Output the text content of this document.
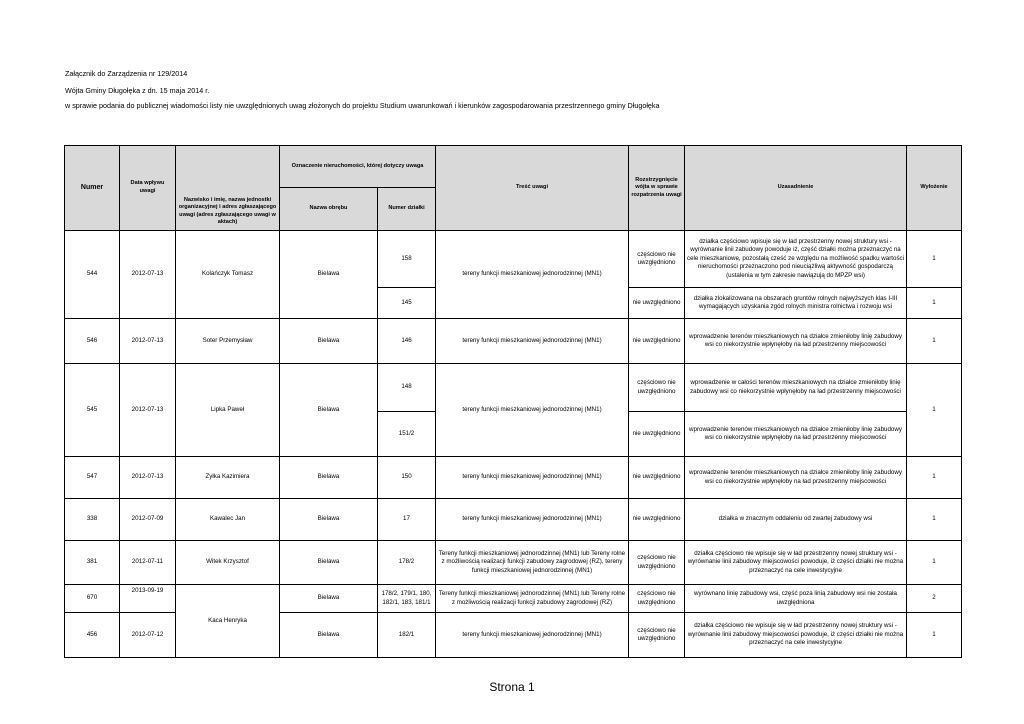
Załącznik do Zarządzenia nr 129/2014
Wójta Gminy Długołęka z dn. 15 maja 2014 r.
w sprawie podania do publicznej wiadomości listy nie uwzględnionych uwag złożonych do projektu Studium uwarunkowań i kierunków zagospodarowania przestrzennego gminy Długołęka
Numer	Data wpływu uwagi	Nazwisko i imię, nazwa jednostki organizacyjnej i adres zgłaszającego uwagi (adres zgłaszającego uwagi w aktach)	Oznaczenie nieruchomości, której dotyczy uwaga		Treść uwagi	Rozstrzygnięcie wójta w sprawie rozpatrzenia uwagi	Uzasadnienie	Wyłożenie
			Nazwa obrębu	Numer działki				
544	2012-07-13	Kolańczyk Tomasz	Bielawa	158	tereny funkcji mieszkaniowej jednorodzinnej (MN1)	częściowo nie uwzględniono	działka częściowo wpisuje się w ład przestrzenny nowej struktury wsi - wyrównanie linii zabudowy powoduje iż, część działki można przeznaczyć na cele mieszkaniowe, pozostałą cześć ze względu na możliwość spadku wartości nieruchomości przeznaczono pod nieuciążliwą aktywność gospodarczą (ustalenia w tym zakresie nawiązują do MPZP wsi)	1
				145		nie uwzględniono	działka zlokalizowana na obszarach gruntów rolnych najwyższych klas I-III wymagających uzyskania zgód rolnych ministra rolnictwa i rozwoju wsi	1
546	2012-07-13	Soter Przemysław	Bielawa	146	tereny funkcji mieszkaniowej jednorodzinnej (MN1)	nie uwzględniono	wprowadzenie terenów mieszkaniowych na działce zmieniłoby linię zabudowy wsi co niekorzystnie wpłynęłoby na ład przestrzenny miejscowości	1
545	2012-07-13	Lipka Paweł	Bielawa	148	tereny funkcji mieszkaniowej jednorodzinnej (MN1)	częściowo nie uwzględniono	wprowadzenie w całości terenów mieszkaniowych na działce zmieniłoby linię zabudowy wsi co niekorzystnie wpłynęłoby na ład przestrzenny miejscowości	1
				151/2		nie uwzględniono	wprowadzenie terenów mieszkaniowych na działce zmieniłoby linię zabudowy wsi co niekorzystnie wpłynęłoby na ład przestrzenny miejscowości	
547	2012-07-13	Zyłka Kazimiera	Bielawa	150	tereny funkcji mieszkaniowej jednorodzinnej (MN1)	nie uwzględniono	wprowadzenie terenów mieszkaniowych na działce zmieniłoby linię zabudowy wsi co niekorzystnie wpłynęłoby na ład przestrzenny miejscowości	1
338	2012-07-09	Kawalec Jan	Bielawa	17	tereny funkcji mieszkaniowej jednorodzinnej (MN1)	nie uwzględniono	działka w znacznym oddaleniu od zwartej zabudowy wsi	1
381	2012-07-11	Witek Krzysztof	Bielawa	178/2	Tereny funkcji mieszkaniowej jednorodzinnej (MN1) lub Tereny rolne z możliwością realizacji funkcji zabudowy zagrodowej (RZ), tereny funkcji mieszkaniowej jednorodzinnej (MN1)	częściowo nie uwzględniono	działka częściowo nie wpisuje się w ład przestrzenny nowej struktury wsi - wyrównanie linii zabudowy miejscowości powoduje, iż części działki nie można przeznaczyć na cele inwestycyjne	1
670	2013-09-19	Kaca Henryka	Bielawa	178/2, 179/1, 180, 182/1, 183, 181/1	Tereny funkcji mieszkaniowej jednorodzinnej (MN1) lub Tereny rolne z możliwością realizacji funkcji zabudowy zagrodowej (RZ)	częściowo nie uwzględniono	wyrównano linię zabudowy wsi, część poza linią zabudowy wsi nie została uwzględniona	2
456	2012-07-12		Bielawa	182/1	tereny funkcji mieszkaniowej jednorodzinnej (MN1)	częściowo nie uwzględniono	działka częściowo nie wpisuje się w ład przestrzenny nowej struktury wsi - wyrównanie linii zabudowy miejscowości powoduje, iż części działki nie można przeznaczyć na cele inwestycyjne	1
Strona 1
